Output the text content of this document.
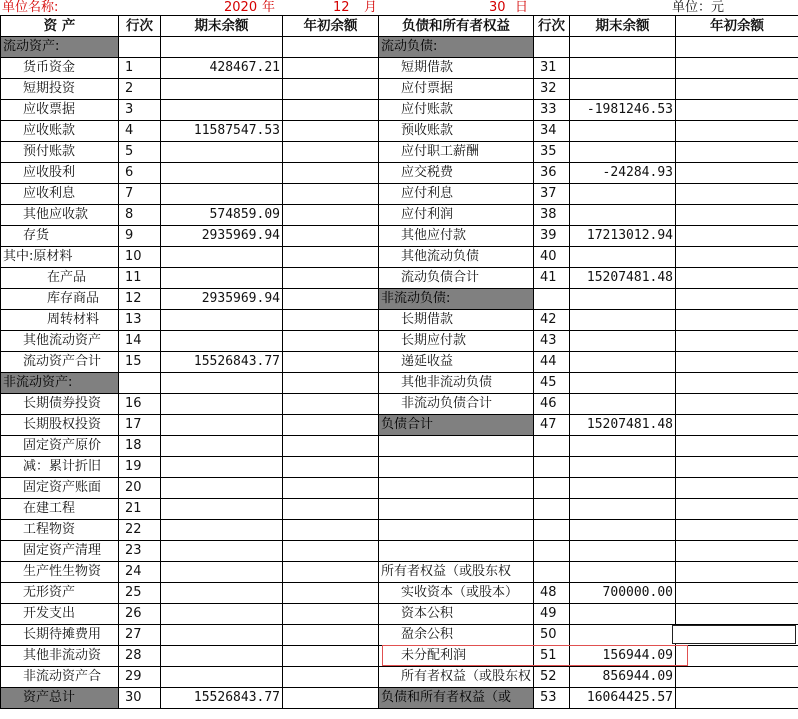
单位名称:	2020 年	12 月	30 日	单位：元
资 产	行次	期末余额	年初余额	负债和所有者权益	行次	期末余额	年初余额
流动资产:				流动负债:			
货币资金	1	428467.21		短期借款	31		
短期投资	2			应付票据	32		
应收票据	3			应付账款	33	-1981246.53	
应收账款	4	11587547.53		预收账款	34		
预付账款	5			应付职工薪酬	35		
应收股利	6			应交税费	36	-24284.93	
应收利息	7			应付利息	37		
其他应收款	8	574859.09		应付利润	38		
存货	9	2935969.94		其他应付款	39	17213012.94	
其中:原材料	10			其他流动负债	40		
在产品	11			流动负债合计	41	15207481.48	
库存商品	12	2935969.94		非流动负债:			
周转材料	13			长期借款	42		
其他流动资产	14			长期应付款	43		
流动资产合计	15	15526843.77		递延收益	44		
非流动资产:				其他非流动负债	45		
长期债券投资	16			非流动负债合计	46		
长期股权投资	17			负债合计	47	15207481.48	
固定资产原价	18						
减：累计折旧	19						
固定资产账面	20						
在建工程	21						
工程物资	22						
固定资产清理	23						
生产性生物资	24			所有者权益（或股东权			
无形资产	25			实收资本（或股本）	48	700000.00	
开发支出	26			资本公积	49		
长期待摊费用	27			盈余公积	50		
其他非流动资	28			未分配利润	51	156944.09	
非流动资产合	29			所有者权益（或股东权	52	856944.09	
资产总计	30	15526843.77		负债和所有者权益（或	53	16064425.57	
